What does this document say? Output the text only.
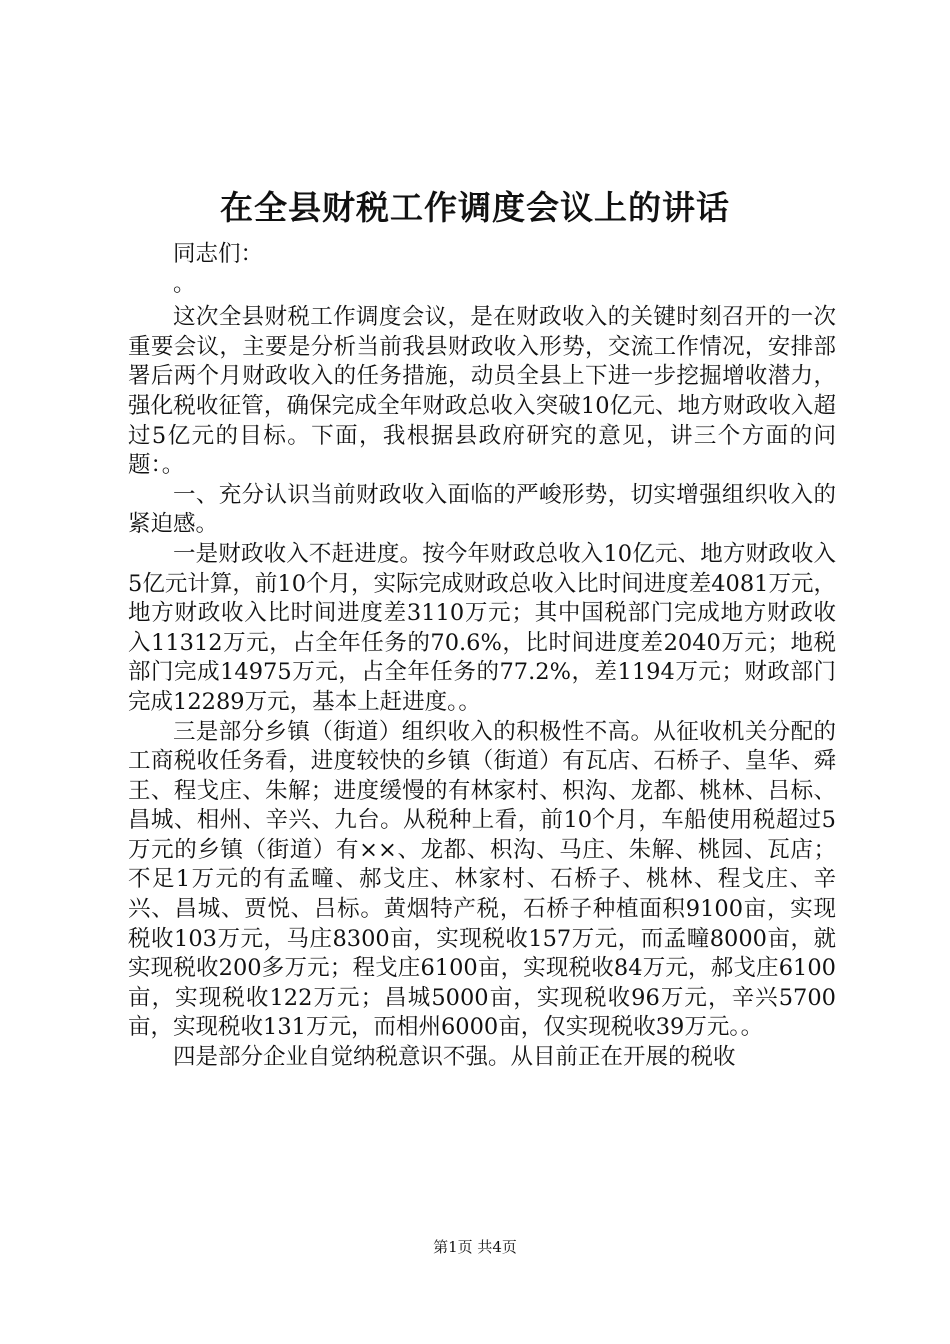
在全县财税工作调度会议上的讲话

同志们：

。

这次全县财税工作调度会议，是在财政收入的关键时刻召开的一次重要会议，主要是分析当前我县财政收入形势，交流工作情况，安排部署后两个月财政收入的任务措施，动员全县上下进一步挖掘增收潜力，强化税收征管，确保完成全年财政总收入突破10亿元、地方财政收入超过5亿元的目标。下面，我根据县政府研究的意见，讲三个方面的问题：。

一、充分认识当前财政收入面临的严峻形势，切实增强组织收入的紧迫感。

一是财政收入不赶进度。按今年财政总收入10亿元、地方财政收入5亿元计算，前10个月，实际完成财政总收入比时间进度差4081万元，地方财政收入比时间进度差3110万元；其中国税部门完成地方财政收入11312万元，占全年任务的70.6%，比时间进度差2040万元；地税部门完成14975万元，占全年任务的77.2%，差1194万元；财政部门完成12289万元，基本上赶进度。。

三是部分乡镇（街道）组织收入的积极性不高。从征收机关分配的工商税收任务看，进度较快的乡镇（街道）有瓦店、石桥子、皇华、舜王、程戈庄、朱解；进度缓慢的有林家村、枳沟、龙都、桃林、吕标、昌城、相州、辛兴、九台。从税种上看，前10个月，车船使用税超过5万元的乡镇（街道）有××、龙都、枳沟、马庄、朱解、桃园、瓦店；不足1万元的有孟疃、郝戈庄、林家村、石桥子、桃林、程戈庄、辛兴、昌城、贾悦、吕标。黄烟特产税，石桥子种植面积9100亩，实现税收103万元，马庄8300亩，实现税收157万元，而孟疃8000亩，就实现税收200多万元；程戈庄6100亩，实现税收84万元，郝戈庄6100亩，实现税收122万元；昌城5000亩，实现税收96万元，辛兴5700亩，实现税收131万元，而相州6000亩，仅实现税收39万元。。

四是部分企业自觉纳税意识不强。从目前正在开展的税收

第1页 共4页
